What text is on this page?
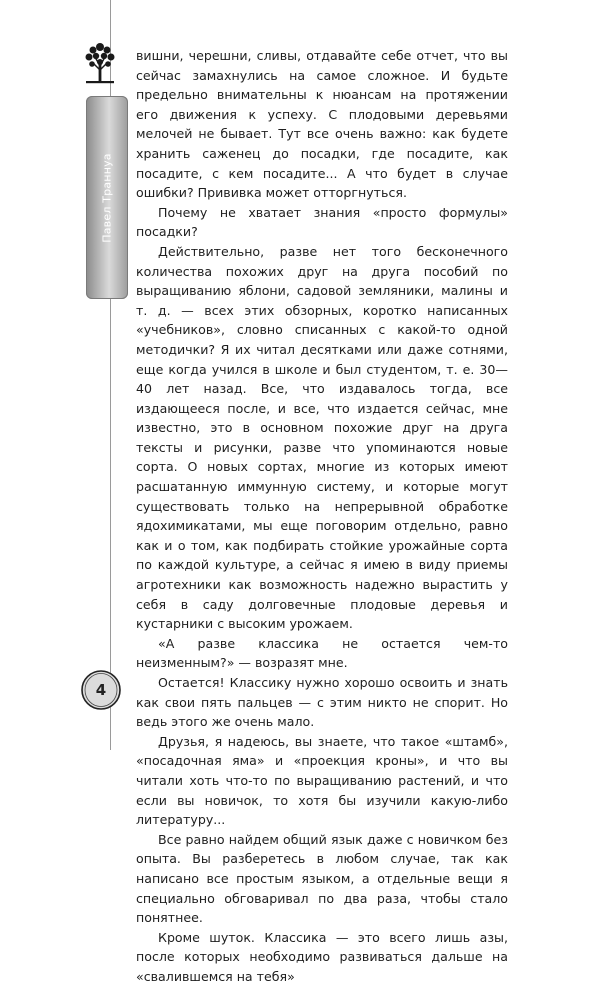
Павел Траннуа
4

вишни, черешни, сливы, отдавайте себе отчет, что вы сейчас замахнулись на самое сложное. И будьте предельно внимательны к нюансам на протяжении его движения к успеху. С плодовыми деревьями мелочей не бывает. Тут все очень важно: как будете хранить саженец до посадки, где посадите, как посадите, с кем посадите... А что будет в случае ошибки? Прививка может отторгнуться.

Почему не хватает знания «просто формулы» посадки?

Действительно, разве нет того бесконечного количества похожих друг на друга пособий по выращиванию яблони, садовой земляники, малины и т. д. — всех этих обзорных, коротко написанных «учебников», словно списанных с какой-то одной методички? Я их читал десятками или даже сотнями, еще когда учился в школе и был студентом, т. е. 30—40 лет назад. Все, что издавалось тогда, все издающееся после, и все, что издается сейчас, мне известно, это в основном похожие друг на друга тексты и рисунки, разве что упоминаются новые сорта. О новых сортах, многие из которых имеют расшатанную иммунную систему, и которые могут существовать только на непрерывной обработке ядохимикатами, мы еще поговорим отдельно, равно как и о том, как подбирать стойкие урожайные сорта по каждой культуре, а сейчас я имею в виду приемы агротехники как возможность надежно вырастить у себя в саду долговечные плодовые деревья и кустарники с высоким урожаем.

«А разве классика не остается чем-то неизменным?» — возразят мне.

Остается! Классику нужно хорошо освоить и знать как свои пять пальцев — с этим никто не спорит. Но ведь этого же очень мало.

Друзья, я надеюсь, вы знаете, что такое «штамб», «посадочная яма» и «проекция кроны», и что вы читали хоть что-то по выращиванию растений, и что если вы новичок, то хотя бы изучили какую-либо литературу...

Все равно найдем общий язык даже с новичком без опыта. Вы разберетесь в любом случае, так как написано все простым языком, а отдельные вещи я специально обговаривал по два раза, чтобы стало понятнее.

Кроме шуток. Классика — это всего лишь азы, после которых необходимо развиваться дальше на «свалившемся на тебя»
